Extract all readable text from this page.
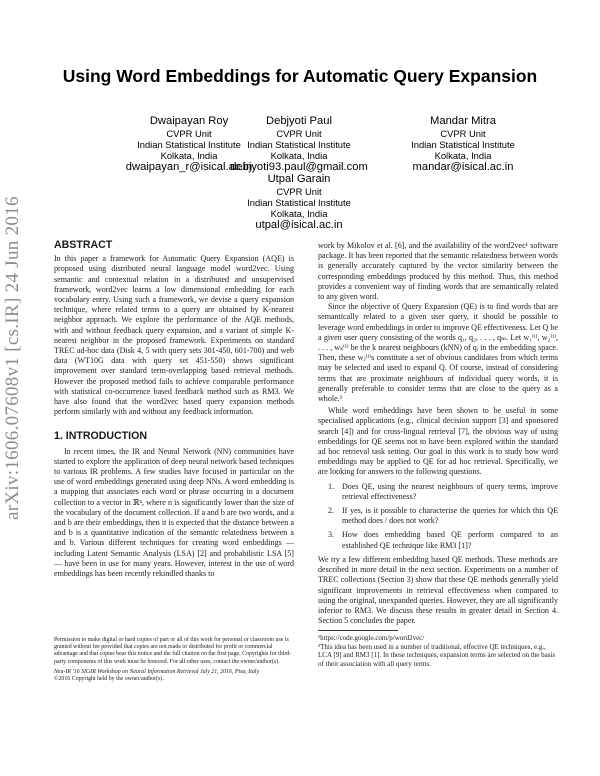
Using Word Embeddings for Automatic Query Expansion
Dwaipayan Roy
CVPR Unit
Indian Statistical Institute
Kolkata, India
dwaipayan_r@isical.ac.in
Debjyoti Paul
CVPR Unit
Indian Statistical Institute
Kolkata, India
debjyoti93.paul@gmail.com
Mandar Mitra
CVPR Unit
Indian Statistical Institute
Kolkata, India
mandar@isical.ac.in
Utpal Garain
CVPR Unit
Indian Statistical Institute
Kolkata, India
utpal@isical.ac.in
arXiv:1606.07608v1 [cs.IR] 24 Jun 2016	ABSTRACT

In this paper a framework for Automatic Query Expansion (AQE) is proposed using distributed neural language model word2vec. Using semantic and contextual relation in a distributed and unsupervised framework, word2vec learns a low dimensional embedding for each vocabulary entry. Using such a framework, we devise a query expansion technique, where related terms to a query are obtained by K-nearest neighbor approach. We explore the performance of the AQE methods, with and without feedback query expansion, and a variant of simple K-nearest neighbor in the proposed framework. Experiments on standard TREC ad-hoc data (Disk 4, 5 with query sets 301-450, 601-700) and web data (WT10G data with query set 451-550) shows significant improvement over standard term-overlapping based retrieval methods. However the proposed method fails to achieve comparable performance with statistical co-occurrence based feedback method such as RM3. We have also found that the word2vec based query expansion methods perform similarly with and without any feedback information.

1. INTRODUCTION

In recent times, the IR and Neural Network (NN) communities have started to explore the application of deep neural network based techniques to various IR problems. A few studies have focused in particular on the use of word embeddings generated using deep NNs. A word embedding is a mapping that associates each word or phrase occurring in a document collection to a vector in ℝⁿ, where n is significantly lower than the size of the vocabulary of the document collection. If a and b are two words, and a and b are their embeddings, then it is expected that the distance between a and b is a quantitative indication of the semantic relatedness between a and b. Various different techniques for creating word embeddings — including Latent Semantic Analysis (LSA) [2] and probabilistic LSA [5] — have been in use for many years. However, interest in the use of word embeddings has been recently rekindled thanks to

work by Mikolov et al. [6], and the availability of the word2vec¹ software package. It has been reported that the semantic relatedness between words is generally accurately captured by the vector similarity between the corresponding embeddings produced by this method. Thus, this method provides a convenient way of finding words that are semantically related to any given word.

Since the objective of Query Expansion (QE) is to find words that are semantically related to a given user query, it should be possible to leverage word embeddings in order to improve QE effectiveness. Let Q be a given user query consisting of the words q₁, q₂, . . . , qₘ. Let w₁⁽ⁱ⁾, w₂⁽ⁱ⁾, . . . , wₖ⁽ⁱ⁾ be the k nearest neighbours (kNN) of qᵢ in the embedding space. Then, these wⱼ⁽ⁱ⁾s constitute a set of obvious candidates from which terms may be selected and used to expand Q. Of course, instead of considering terms that are proximate neighbours of individual query words, it is generally preferable to consider terms that are close to the query as a whole.²

While word embeddings have been shown to be useful in some specialised applications (e.g., clinical decision support [3] and sponsored search [4]) and for cross-lingual retrieval [7], the obvious way of using embeddings for QE seems not to have been explored within the standard ad hoc retrieval task setting. Our goal in this work is to study how word embeddings may be applied to QE for ad hoc retrieval. Specifically, we are looking for answers to the following questions.

1. Does QE, using the nearest neighbours of query terms, improve retrieval effectiveness?
2. If yes, is it possible to characterise the queries for which this QE method does / does not work?
3. How does embedding based QE perform compared to an established QE technique like RM3 [1]?

We try a few different embedding based QE methods. These methods are described in more detail in the next section. Experiments on a number of TREC collections (Section 3) show that these QE methods generally yield significant improvements in retrieval effectiveness when compared to using the original, unexpanded queries. However, they are all significantly inferior to RM3. We discuss these results in greater detail in Section 4. Section 5 concludes the paper.

¹https://code.google.com/p/word2vec/
²This idea has been used in a number of traditional, effective QE techniques, e.g., LCA [9] and RM3 [1]. In these techniques, expansion terms are selected on the basis of their association with all query terms.

Permission to make digital or hard copies of part or all of this work for personal or classroom use is granted without fee provided that copies are not made or distributed for profit or commercial advantage and that copies bear this notice and the full citation on the first page. Copyrights for third-party components of this work must be honored. For all other uses, contact the owner/author(s).

Neu-IR '16 SIGIR Workshop on Neural Information Retrieval July 21, 2016, Pisa, Italy

©2016 Copyright held by the owner/author(s).
